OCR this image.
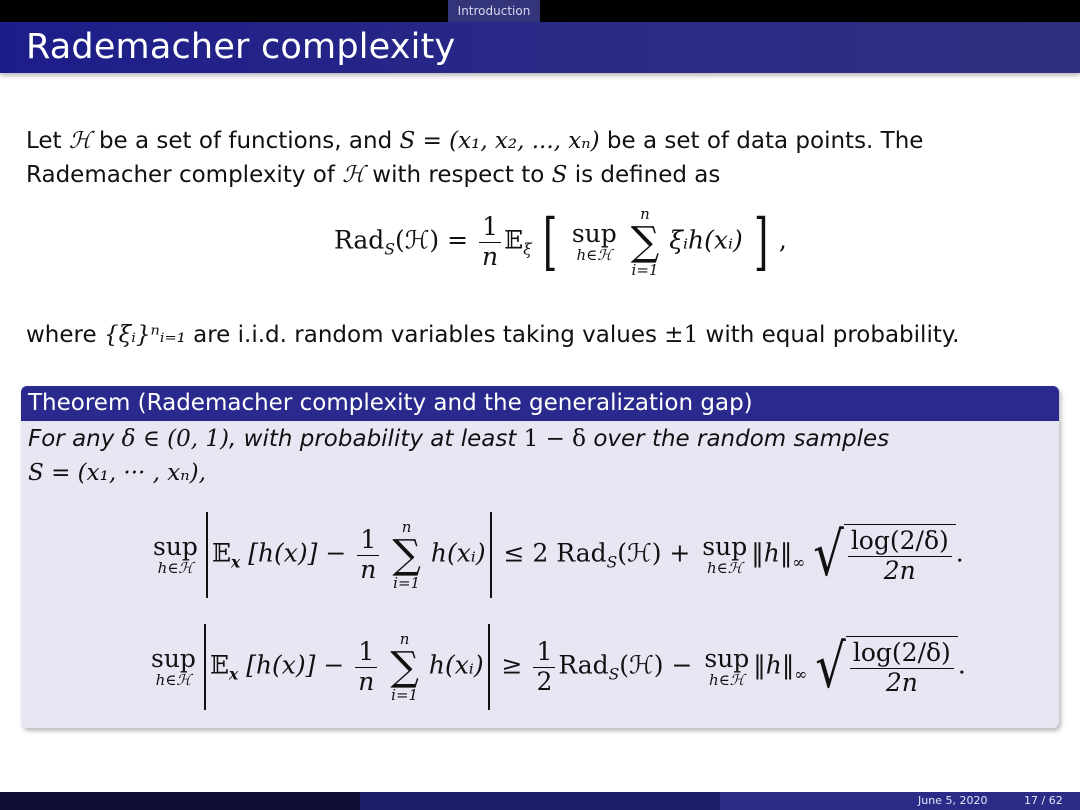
Introduction
Rademacher complexity
Let ℋ be a set of functions, and S = (x₁, x₂, ..., xₙ) be a set of data points. The
Rademacher complexity of ℋ with respect to S is defined as
Rad$_S$(ℋ) = $\frac{1}{n}$ 𝔼$_\xi$ [ sup
h∈ℋ

n
∑
i=1
ξᵢh(xᵢ) ] ,
where {ξᵢ}ⁿᵢ₌₁ are i.i.d. random variables taking values ±1 with equal probability.
Theorem (Rademacher complexity and the generalization gap)
For any δ ∈ (0, 1), with probability at least 1 − δ over the random samples
S = (x₁, ··· , xₙ),
sup
h∈ℋ
𝔼$_x$ $[h(x)] - \frac{1}{n}$
	n
∑
i=1
h(xᵢ) ≤ 2 Rad$_S$(ℋ) + sup
h∈ℋ
$‖h‖_\infty$ √ $\frac{\log(2/\delta)}{2n}$ .
sup
h∈ℋ
𝔼$_x$ $[h(x)] - \frac{1}{n}$
	n
∑
i=1
h(xᵢ) ≥ $\frac{1}{2}$ Rad$_S$(ℋ) − sup
h∈ℋ
$‖h‖_\infty$ √ $\frac{\log(2/\delta)}{2n}$ .
June 5, 2020	17 / 62
